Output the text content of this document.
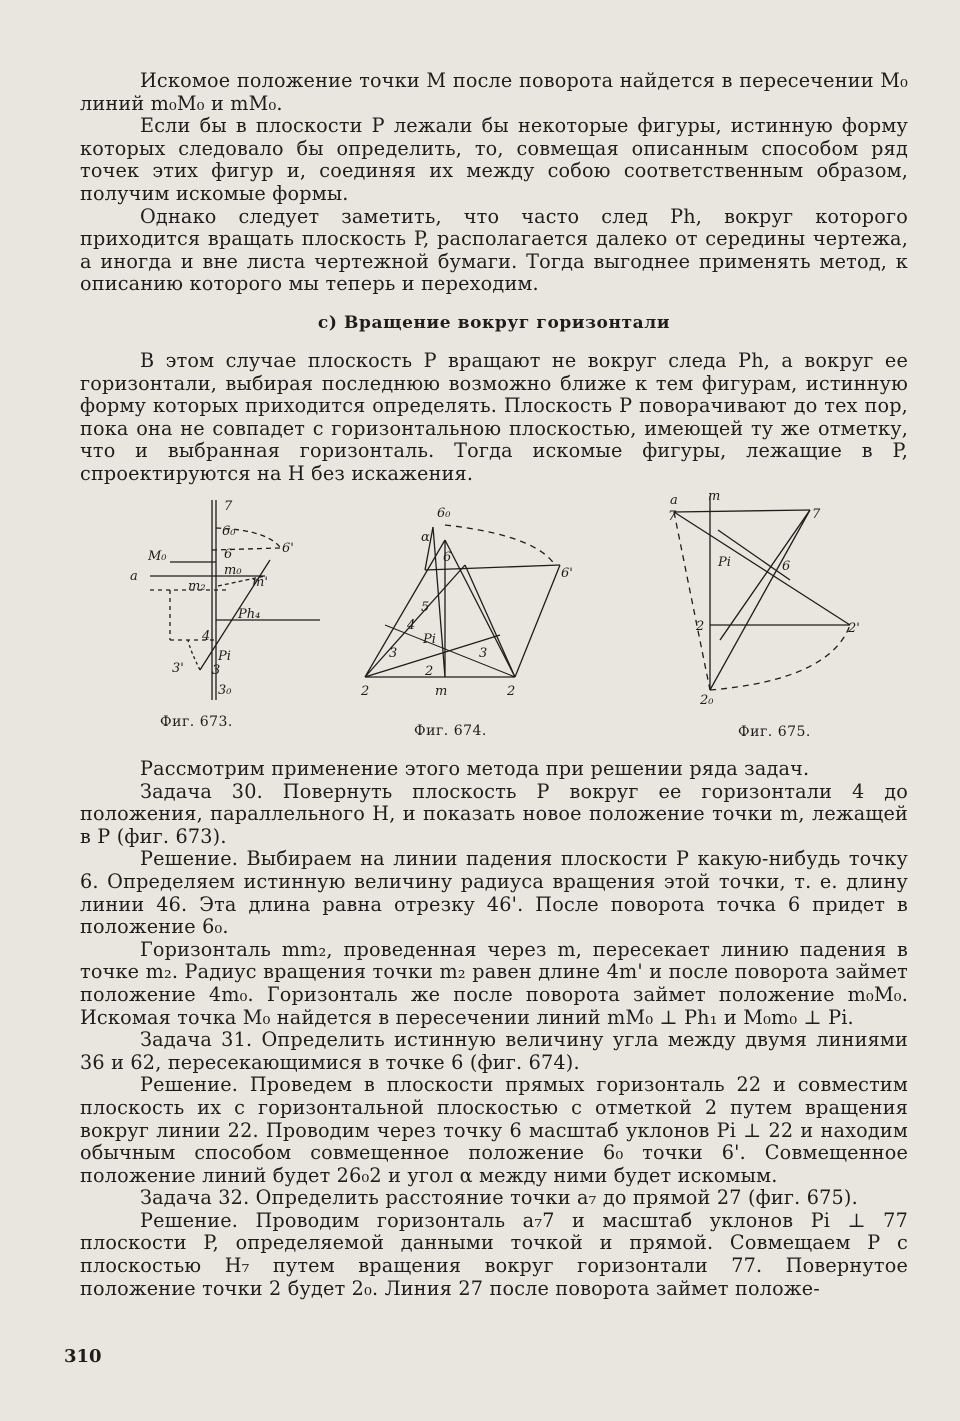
Искомое положение точки M после поворота найдется в пересечении M₀ линий m₀M₀ и mM₀.

Если бы в плоскости P лежали бы некоторые фигуры, истинную форму которых следовало бы определить, то, совмещая описанным способом ряд точек этих фигур и, соединяя их между собою соответственным образом, получим искомые формы.

Однако следует заметить, что часто след Ph, вокруг которого приходится вращать плоскость P, располагается далеко от середины чертежа, а иногда и вне листа чертежной бумаги. Тогда выгоднее применять метод, к описанию которого мы теперь и переходим.

с) Вращение вокруг горизонтали

В этом случае плоскость P вращают не вокруг следа Ph, а вокруг ее горизонтали, выбирая последнюю возможно ближе к тем фигурам, истинную форму которых приходится определять. Плоскость P поворачивают до тех пор, пока она не совпадет с горизонтальною плоскостью, имеющей ту же отметку, что и выбранная горизонталь. Тогда искомые фигуры, лежащие в P, спроектируются на H без искажения.

7
6₀
6	6'
M₀
m₀
a
m₂	m'
Ph₄
3'
Pi
3
3₀
4
Фиг. 673.
6₀
α
6
6'
5
4
Pi
3	3
2
2
m	2
Фиг. 674.
a m
7	7
Pi	6
2	2'
2₀
Фиг. 675.

Рассмотрим применение этого метода при решении ряда задач.

Задача 30. Повернуть плоскость P вокруг ее горизонтали 4 до положения, параллельного H, и показать новое положение точки m, лежащей в P (фиг. 673).

Решение. Выбираем на линии падения плоскости P какую-нибудь точку 6. Определяем истинную величину радиуса вращения этой точки, т. е. длину линии 46. Эта длина равна отрезку 46'. После поворота точка 6 придет в положение 6₀.

Горизонталь mm₂, проведенная через m, пересекает линию падения в точке m₂. Радиус вращения точки m₂ равен длине 4m' и после поворота займет положение 4m₀. Горизонталь же после поворота займет положение m₀M₀. Искомая точка M₀ найдется в пересечении линий mM₀ ⊥ Ph₁ и M₀m₀ ⊥ Pi.

Задача 31. Определить истинную величину угла между двумя линиями 36 и 62, пересекающимися в точке 6 (фиг. 674).

Решение. Проведем в плоскости прямых горизонталь 22 и совместим плоскость их с горизонтальной плоскостью с отметкой 2 путем вращения вокруг линии 22. Проводим через точку 6 масштаб уклонов Pi ⊥ 22 и находим обычным способом совмещенное положение 6₀ точки 6'. Совмещенное положение линий будет 26₀2 и угол α между ними будет искомым.

Задача 32. Определить расстояние точки a₇ до прямой 27 (фиг. 675).

Решение. Проводим горизонталь a₇7 и масштаб уклонов Pi ⊥ 77 плоскости P, определяемой данными точкой и прямой. Совмещаем P с плоскостью H₇ путем вращения вокруг горизонтали 77. Повернутое положение точки 2 будет 2₀. Линия 27 после поворота займет положе-

310
